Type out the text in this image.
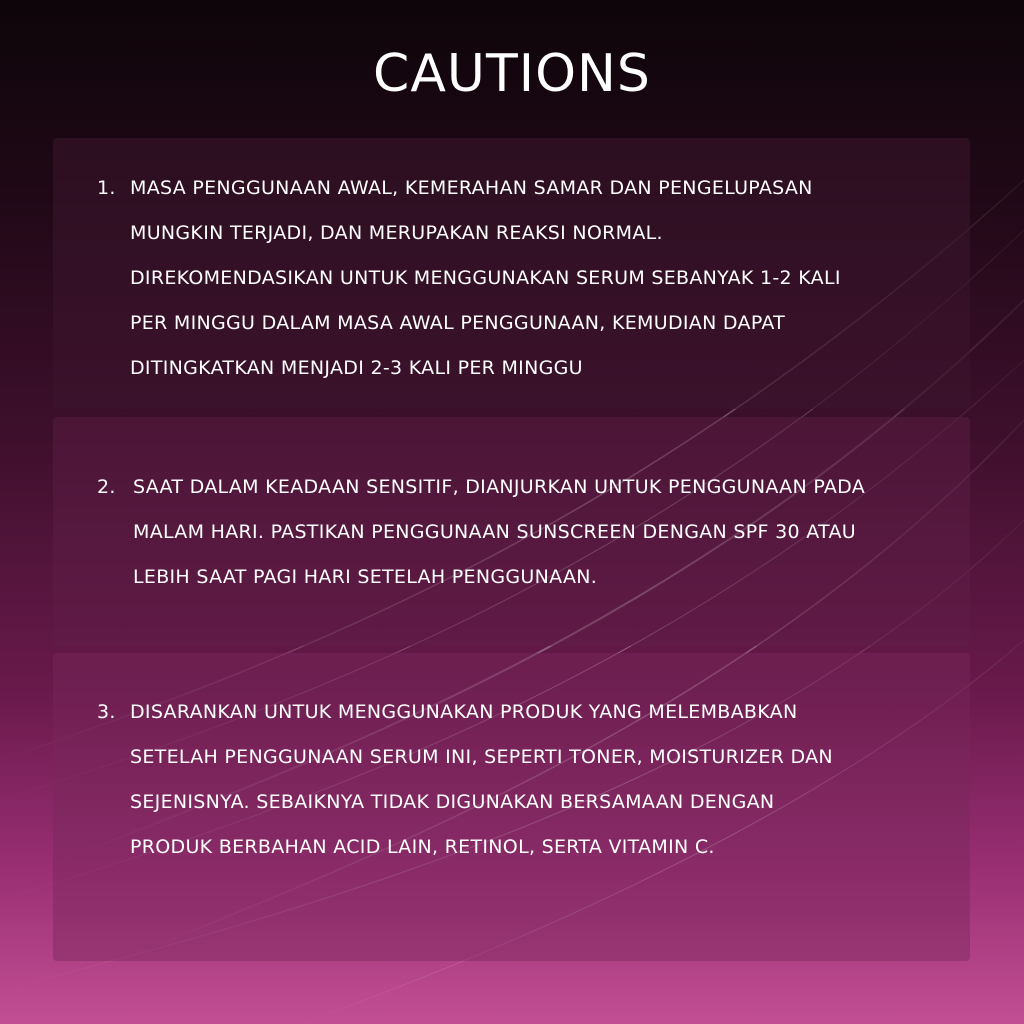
CAUTIONS
1. MASA PENGGUNAAN AWAL, KEMERAHAN SAMAR DAN PENGELUPASAN
MUNGKIN TERJADI, DAN MERUPAKAN REAKSI NORMAL.
DIREKOMENDASIKAN UNTUK MENGGUNAKAN SERUM SEBANYAK 1-2 KALI
PER MINGGU DALAM MASA AWAL PENGGUNAAN, KEMUDIAN DAPAT
DITINGKATKAN MENJADI 2-3 KALI PER MINGGU
2. SAAT DALAM KEADAAN SENSITIF, DIANJURKAN UNTUK PENGGUNAAN PADA
MALAM HARI. PASTIKAN PENGGUNAAN SUNSCREEN DENGAN SPF 30 ATAU
LEBIH SAAT PAGI HARI SETELAH PENGGUNAAN.
3. DISARANKAN UNTUK MENGGUNAKAN PRODUK YANG MELEMBABKAN
SETELAH PENGGUNAAN SERUM INI, SEPERTI TONER, MOISTURIZER DAN
SEJENISNYA. SEBAIKNYA TIDAK DIGUNAKAN BERSAMAAN DENGAN
PRODUK BERBAHAN ACID LAIN, RETINOL, SERTA VITAMIN C.
